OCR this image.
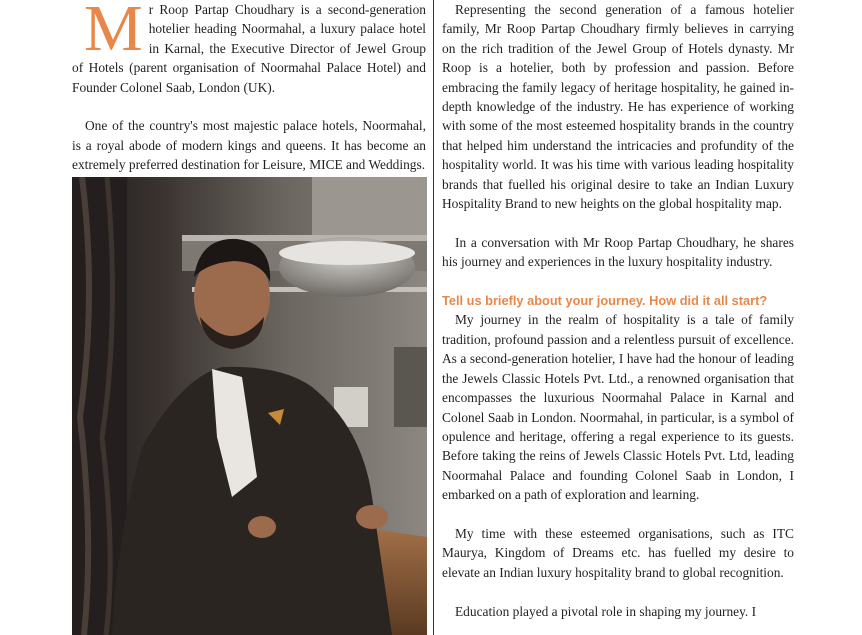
Mr Roop Partap Choudhary is a second-generation hotelier heading Noormahal, a luxury palace hotel in Karnal, the Executive Director of Jewel Group of Hotels (parent organisation of Noormahal Palace Hotel) and Founder Colonel Saab, London (UK).

One of the country's most majestic palace hotels, Noormahal, is a royal abode of modern kings and queens. It has become an extremely preferred destination for Leisure, MICE and Weddings.

Representing the second generation of a famous hotelier family, Mr Roop Partap Choudhary firmly believes in carrying on the rich tradition of the Jewel Group of Hotels dynasty. Mr Roop is a hotelier, both by profession and passion. Before embracing the family legacy of heritage hospitality, he gained in-depth knowledge of the industry. He has experience of working with some of the most esteemed hospitality brands in the country that helped him understand the intricacies and profundity of the hospitality world. It was his time with various leading hospitality brands that fuelled his original desire to take an Indian Luxury Hospitality Brand to new heights on the global hospitality map.

In a conversation with Mr Roop Partap Choudhary, he shares his journey and experiences in the luxury hospitality industry.

Tell us briefly about your journey. How did it all start?

My journey in the realm of hospitality is a tale of family tradition, profound passion and a relentless pursuit of excellence. As a second-generation hotelier, I have had the honour of leading the Jewels Classic Hotels Pvt. Ltd., a renowned organisation that encompasses the luxurious Noormahal Palace in Karnal and Colonel Saab in London. Noormahal, in particular, is a symbol of opulence and heritage, offering a regal experience to its guests. Before taking the reins of Jewels Classic Hotels Pvt. Ltd, leading Noormahal Palace and founding Colonel Saab in London, I embarked on a path of exploration and learning.

My time with these esteemed organisations, such as ITC Maurya, Kingdom of Dreams etc. has fuelled my desire to elevate an Indian luxury hospitality brand to global recognition.

Education played a pivotal role in shaping my journey. I
